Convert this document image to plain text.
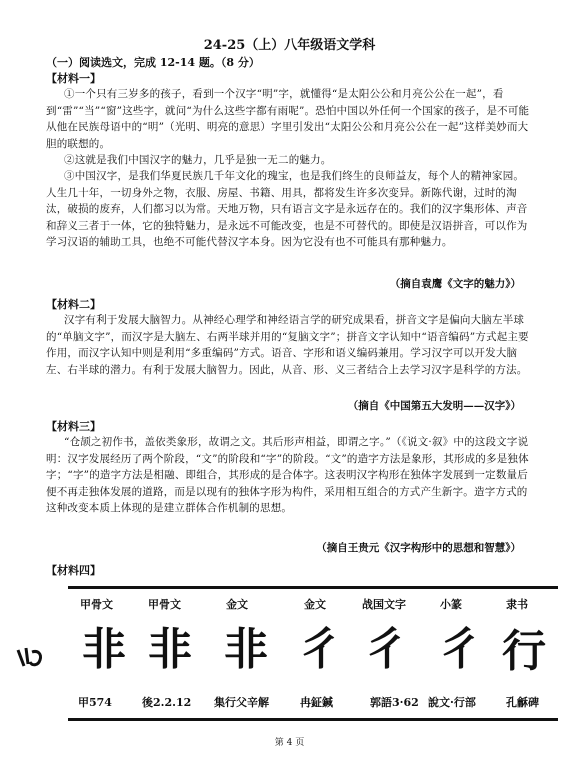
24-25（上）八年级语文学科
（一）阅读选文，完成 12-14 题。（8 分）
【材料一】
①一个只有三岁多的孩子，看到一个汉字“明”字，就懂得“是太阳公公和月亮公公在一起”，看到“雷”“当”“窗”这些字，就问“为什么这些字都有雨呢”。恐怕中国以外任何一个国家的孩子，是不可能从他在民族母语中的“明”（光明、明亮的意思）字里引发出“太阳公公和月亮公公在一起”这样美妙而大胆的联想的。
②这就是我们中国汉字的魅力，几乎是独一无二的魅力。
③中国汉字，是我们华夏民族几千年文化的瑰宝，也是我们终生的良师益友，每个人的精神家园。人生几十年，一切身外之物，衣服、房屋、书籍、用具，都将发生许多次变异。新陈代谢，过时的淘汰，破损的废弃，人们都习以为常。天地万物，只有语言文字是永远存在的。我们的汉字集形体、声音和辞义三者于一体，它的独特魅力，是永远不可能改变，也是不可替代的。即使是汉语拼音，可以作为学习汉语的辅助工具，也绝不可能代替汉字本身。因为它没有也不可能具有那种魅力。
（摘自袁鹰《文字的魅力》）
【材料二】
汉字有利于发展大脑智力。从神经心理学和神经语言学的研究成果看，拼音文字是偏向大脑左半球的“单脑文字”，而汉字是大脑左、右两半球并用的“复脑文字”；拼音文字认知中“语音编码”方式起主要作用，而汉字认知中则是利用“多重编码”方式。语音、字形和语义编码兼用。学习汉字可以开发大脑左、右半球的潜力。有利于发展大脑智力。因此，从音、形、义三者结合上去学习汉字是科学的方法。
（摘自《中国第五大发明——汉字》）
【材料三】
“仓颉之初作书，盖依类象形，故谓之文。其后形声相益，即谓之字。”（《说文·叙》中的这段文字说明：汉字发展经历了两个阶段，“文”的阶段和“字”的阶段。“文”的造字方法是象形，其形成的多是独体字；“字”的造字方法是相融、即组合，其形成的是合体字。这表明汉字构形在独体字发展到一定数量后便不再走独体发展的道路，而是以现有的独体字形为构件，采用相互组合的方式产生新字。造字方式的这种改变本质上体现的是建立群体合作机制的思想。
（摘自王贵元《汉字构形中的思想和智慧》）
【材料四】
甲骨文	甲骨文	金文	金文	战国文字	小篆	隶书
非 非 非 彳 彳 彳 行
甲574	後2.2.12 集行父辛解	冉鉦鍼	郭語3·62 說文·行部	孔龢碑
第 4 页
